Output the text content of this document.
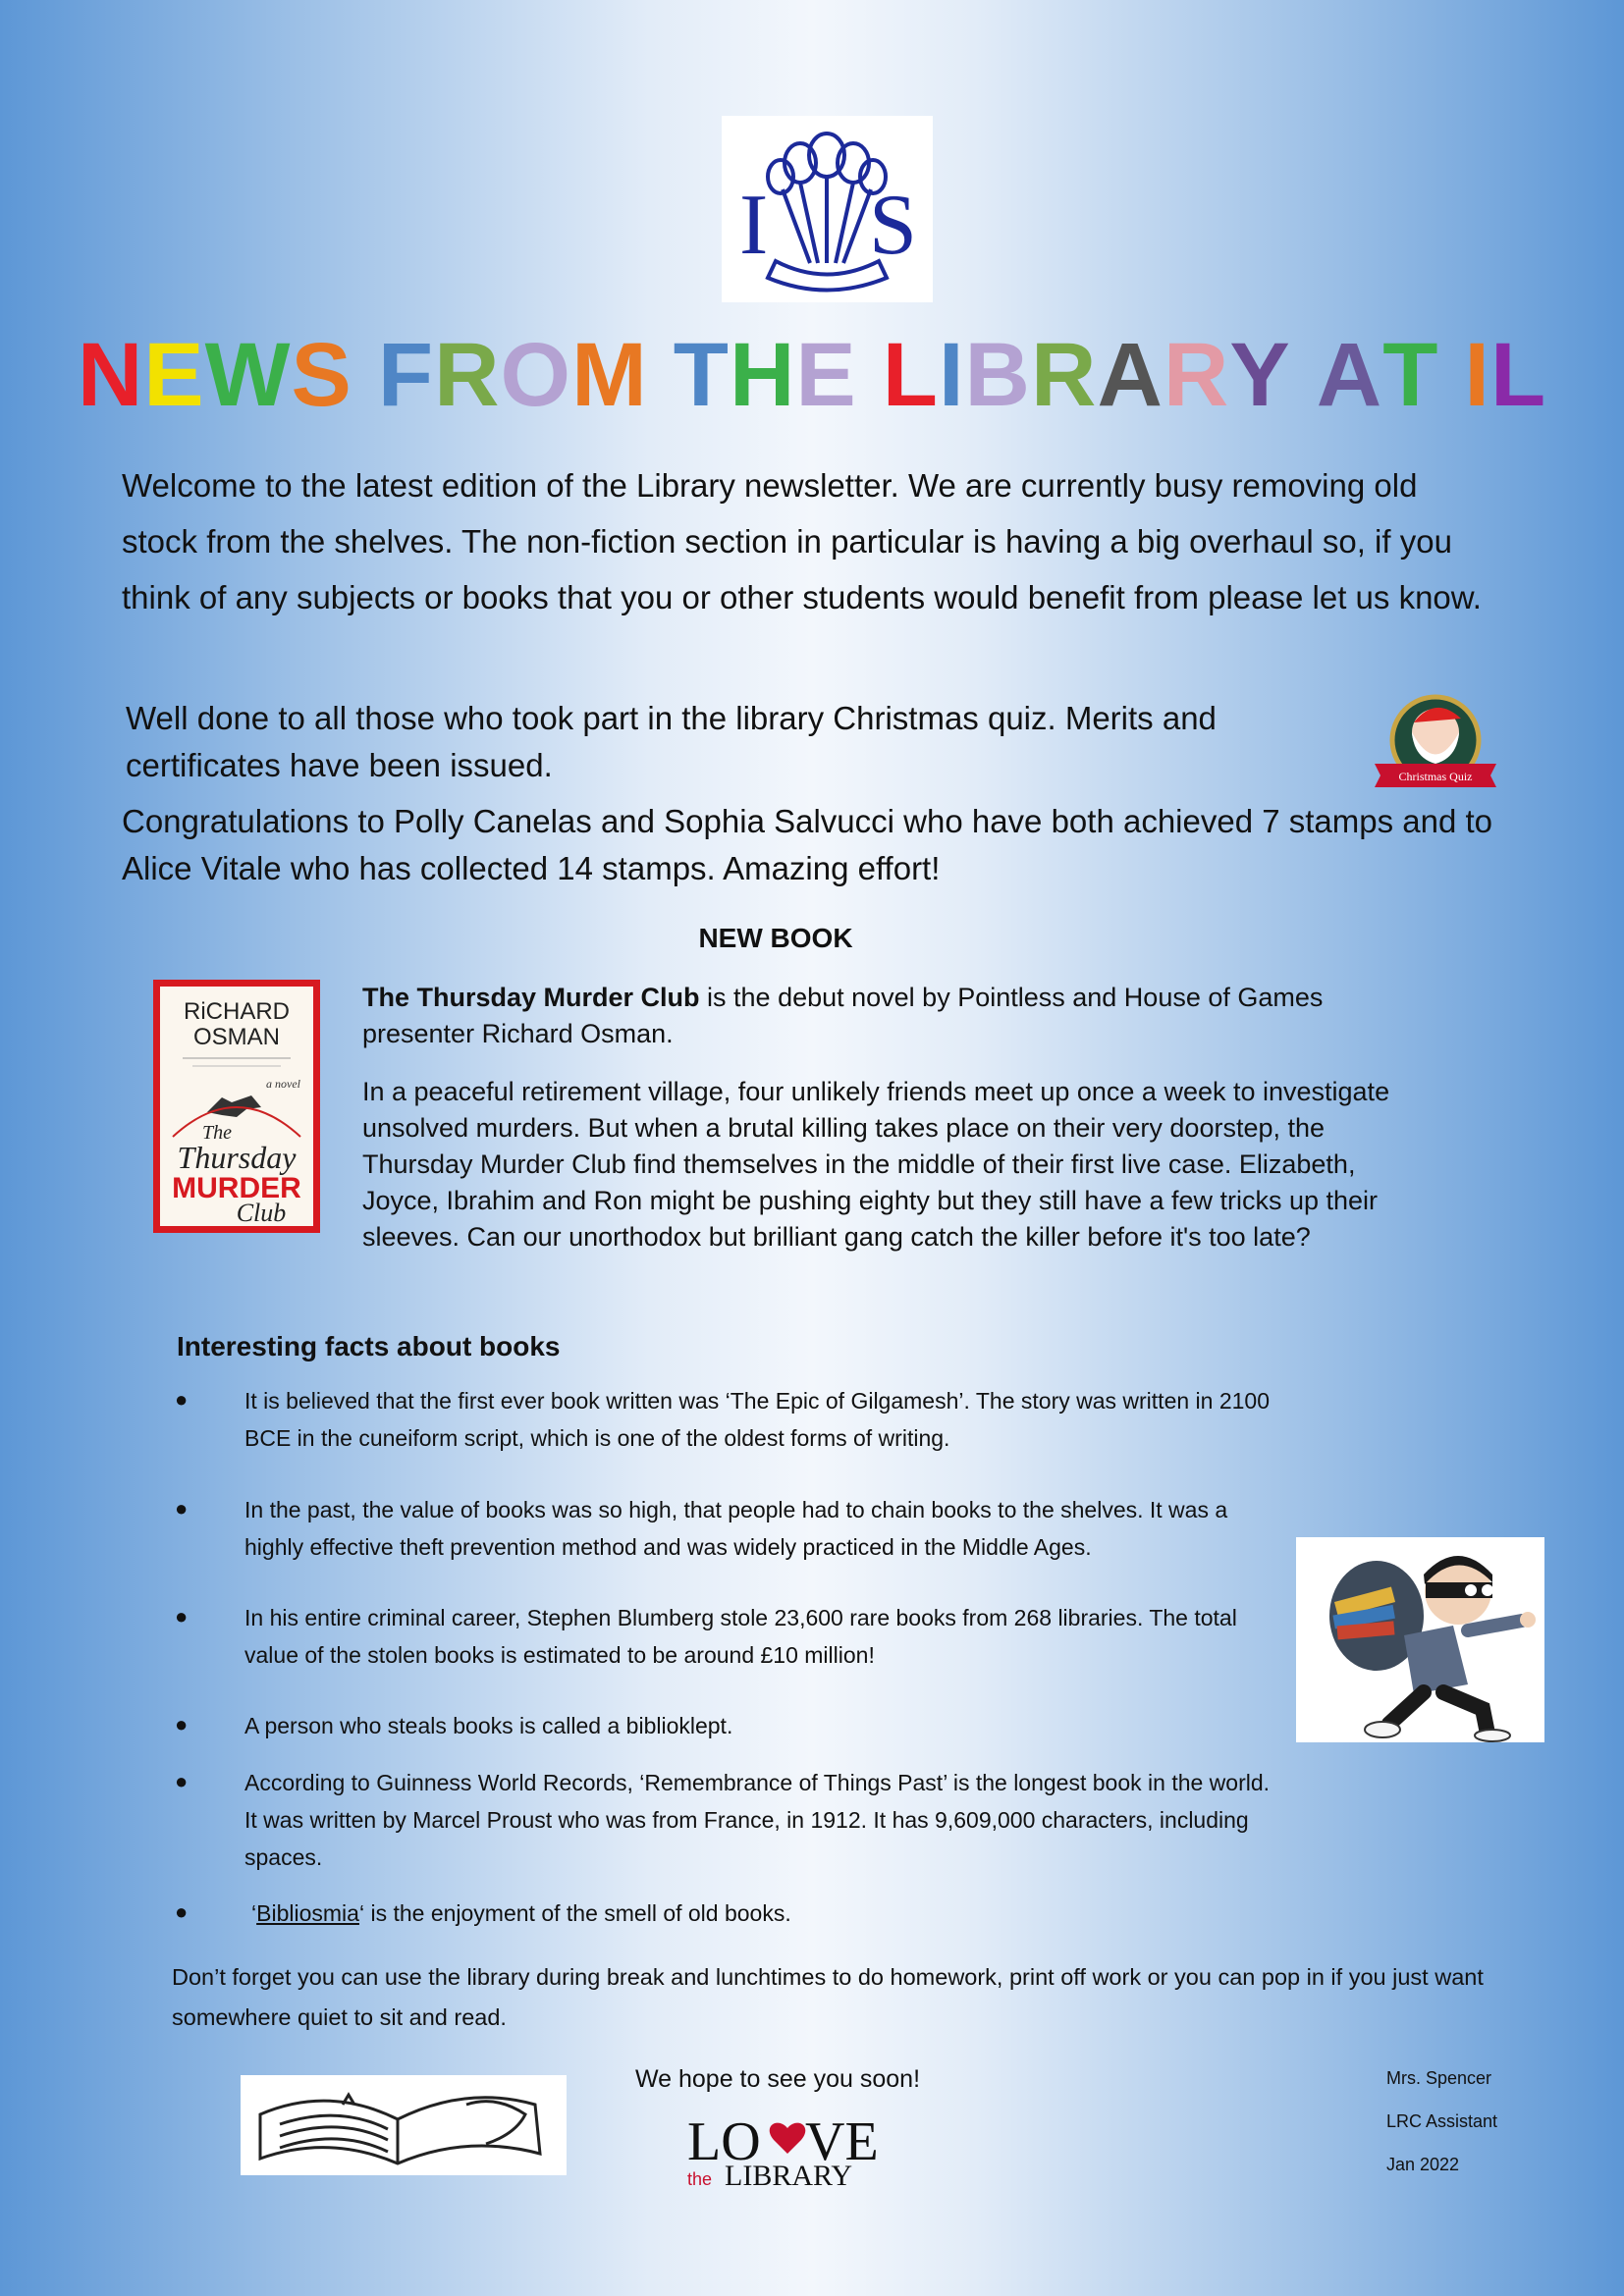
I S
NEWS FROM THE LIBRARY AT IL
Welcome to the latest edition of the Library newsletter. We are currently busy removing old stock from the shelves. The non-fiction section in particular is having a big overhaul so, if you think of any subjects or books that you or other students would benefit from please let us know.
Well done to all those who took part in the library Christmas quiz. Merits and certificates have been issued.
Congratulations to Polly Canelas and Sophia Salvucci who have both achieved 7 stamps and to Alice Vitale who has collected 14 stamps. Amazing effort!
Christmas Quiz
NEW BOOK
RiCHARD
OSMAN
a novel
The
Thursday
MURDER
Club
The Thursday Murder Club is the debut novel by Pointless and House of Games presenter Richard Osman.
In a peaceful retirement village, four unlikely friends meet up once a week to investigate unsolved murders. But when a brutal killing takes place on their very doorstep, the Thursday Murder Club find themselves in the middle of their first live case. Elizabeth, Joyce, Ibrahim and Ron might be pushing eighty but they still have a few tricks up their sleeves. Can our unorthodox but brilliant gang catch the killer before it's too late?
Interesting facts about books
●	It is believed that the first ever book written was ‘The Epic of Gilgamesh’. The story was written in 2100 BCE in the cuneiform script, which is one of the oldest forms of writing.
●	In the past, the value of books was so high, that people had to chain books to the shelves. It was a highly effective theft prevention method and was widely practiced in the Middle Ages.
●	In his entire criminal career, Stephen Blumberg stole 23,600 rare books from 268 libraries. The total value of the stolen books is estimated to be around £10 million!
●	A person who steals books is called a biblioklept.
●	According to Guinness World Records, ‘Remembrance of Things Past’ is the longest book in the world. It was written by Marcel Proust who was from France, in 1912. It has 9,609,000 characters, including spaces.
●	‘Bibliosmia‘ is the enjoyment of the smell of old books.
Don’t forget you can use the library during break and lunchtimes to do homework, print off work or you can pop in if you just want somewhere quiet to sit and read.
We hope to see you soon!
LO VE
the LIBRARY
Mrs. Spencer
LRC Assistant
Jan 2022
